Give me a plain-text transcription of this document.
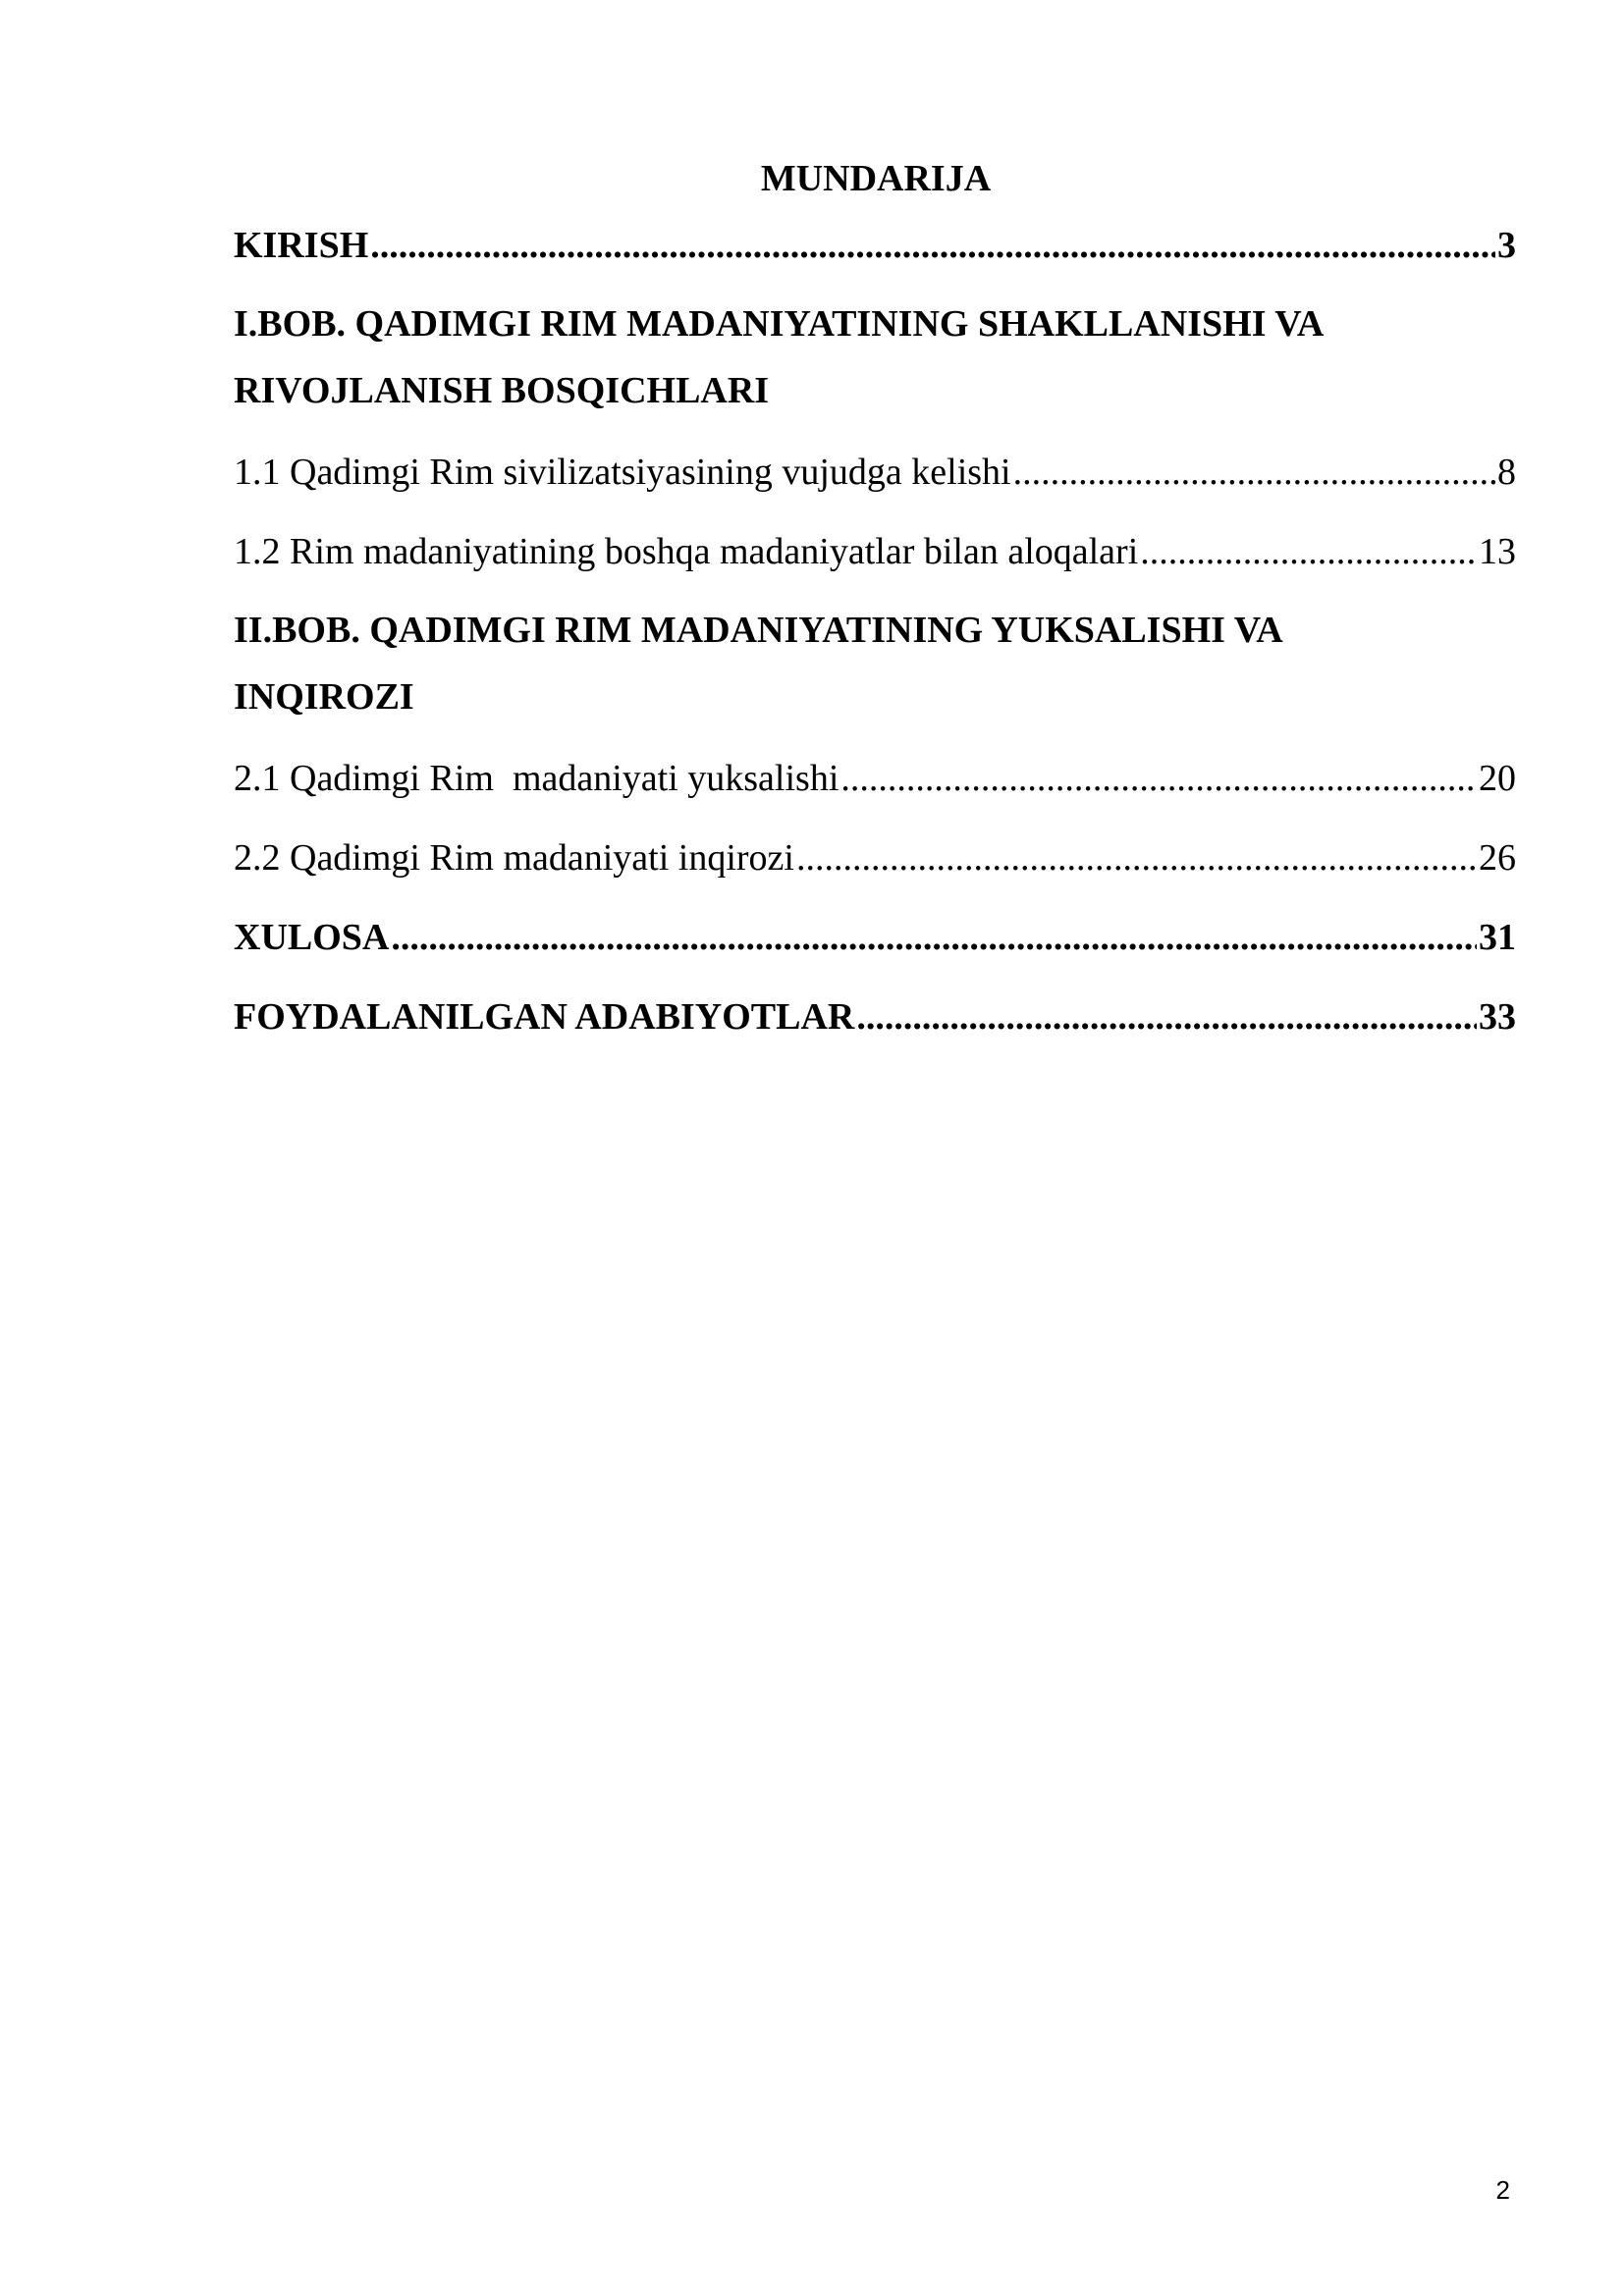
MUNDARIJA
KIRISH .....	3
I.BOB. QADIMGI RIM MADANIYATINING SHAKLLANISHI VA
RIVOJLANISH BOSQICHLARI
1.1 Qadimgi Rim sivilizatsiyasining vujudga kelishi .....	8
1.2 Rim madaniyatining boshqa madaniyatlar bilan aloqalari .....	13
II.BOB. QADIMGI RIM MADANIYATINING YUKSALISHI VA
INQIROZI
2.1 Qadimgi Rim  madaniyati yuksalishi .....	20
2.2 Qadimgi Rim madaniyati inqirozi .....	26
XULOSA .....	31
FOYDALANILGAN ADABIYOTLAR .....	33
2
